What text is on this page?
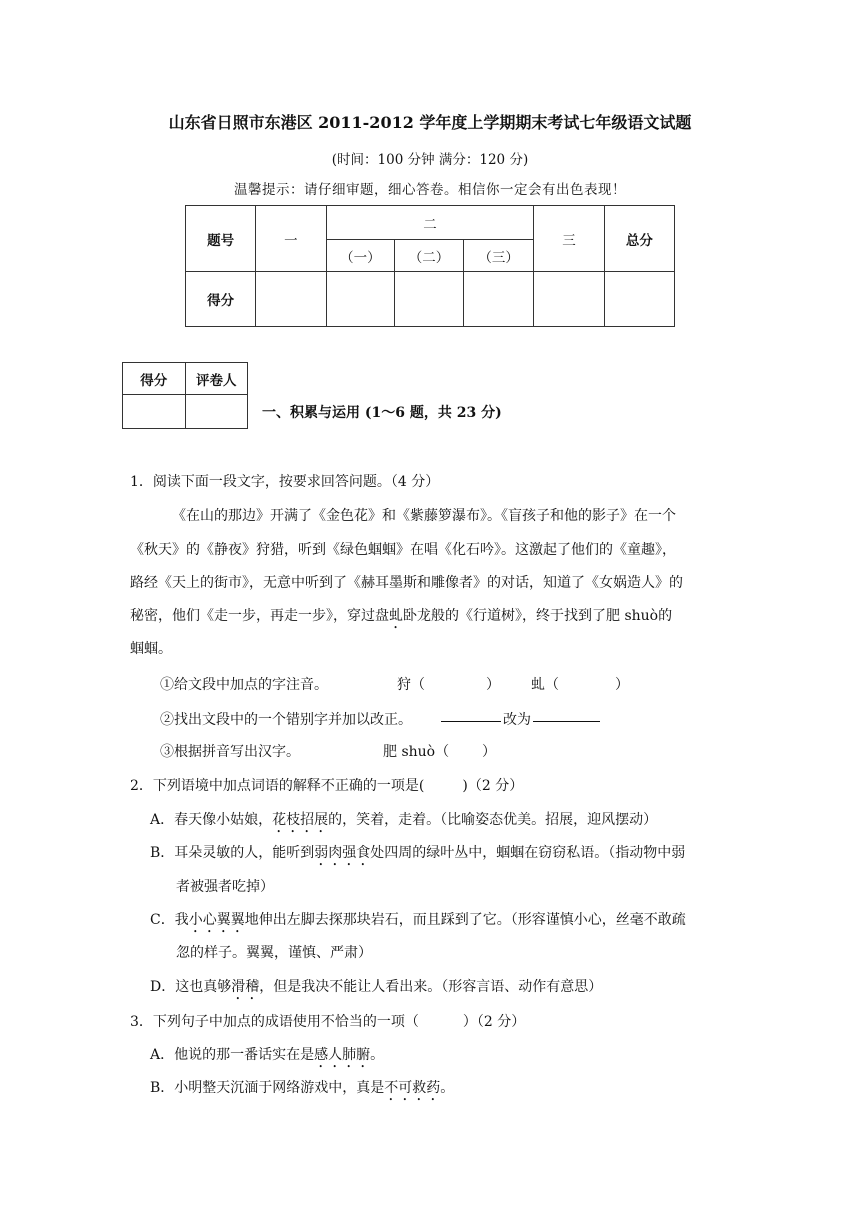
山东省日照市东港区 2011-2012 学年度上学期期末考试七年级语文试题
(时间：100 分钟 满分：120 分)
温馨提示：请仔细审题，细心答卷。相信你一定会有出色表现！
题号	一	二			三	总分
		（一）	（二）	（三）		
得分						
得分	评卷人

一、积累与运用 (1～6 题，共 23 分)
1．阅读下面一段文字，按要求回答问题。（4 分）
《在山的那边》开满了《金色花》和《紫藤箩瀑布》。《盲孩子和他的影子》在一个
《秋天》的《静夜》狩猎，听到《绿色蝈蝈》在唱《化石吟》。这激起了他们的《童趣》，
路经《天上的街市》，无意中听到了《赫耳墨斯和雕像者》的对话，知道了《女娲造人》的
秘密，他们《走一步，再走一步》，穿过盘虬卧龙般的《行道树》，终于找到了肥 shuò的
蝈蝈。
①给文段中加点的字注音。	狩（	） 虬（	）
②找出文段中的一个错别字并加以改正。	改为
③根据拼音写出汉字。	肥 shuò（ ）
2．下列语境中加点词语的解释不正确的一项是(	)（2 分）
A．春天像小姑娘，花枝招展的，笑着，走着。（比喻姿态优美。招展，迎风摆动）
B．耳朵灵敏的人，能听到弱肉强食处四周的绿叶丛中，蝈蝈在窃窃私语。（指动物中弱
者被强者吃掉）
C．我小心翼翼地伸出左脚去探那块岩石，而且踩到了它。（形容谨慎小心，丝毫不敢疏
忽的样子。翼翼，谨慎、严肃）
D．这也真够滑稽，但是我决不能让人看出来。（形容言语、动作有意思）
3．下列句子中加点的成语使用不恰当的一项（	）（2 分）
A．他说的那一番话实在是感人肺腑。
B．小明整天沉湎于网络游戏中，真是不可救药。
